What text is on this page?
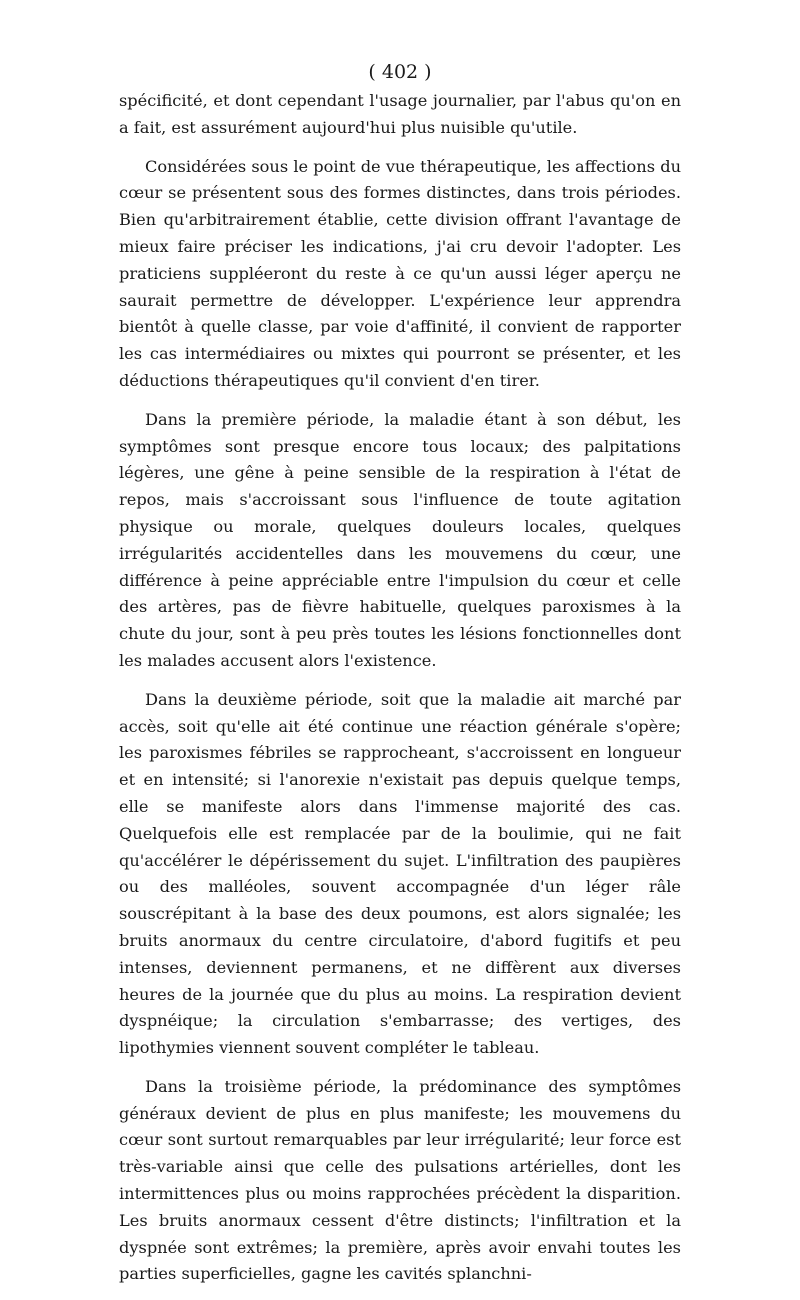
( 402 )

spécificité, et dont cependant l'usage journalier, par l'abus qu'on en a fait, est assurément aujourd'hui plus nuisible qu'utile.

Considérées sous le point de vue thérapeutique, les affections du cœur se présentent sous des formes distinctes, dans trois périodes. Bien qu'arbitrairement établie, cette division offrant l'avantage de mieux faire préciser les indications, j'ai cru devoir l'adopter. Les praticiens suppléeront du reste à ce qu'un aussi léger aperçu ne saurait permettre de développer. L'expérience leur apprendra bientôt à quelle classe, par voie d'affinité, il convient de rapporter les cas intermédiaires ou mixtes qui pourront se présenter, et les déductions thérapeutiques qu'il convient d'en tirer.

Dans la première période, la maladie étant à son début, les symptômes sont presque encore tous locaux; des palpitations légères, une gêne à peine sensible de la respiration à l'état de repos, mais s'accroissant sous l'influence de toute agitation physique ou morale, quelques douleurs locales, quelques irrégularités accidentelles dans les mouvemens du cœur, une différence à peine appréciable entre l'impulsion du cœur et celle des artères, pas de fièvre habituelle, quelques paroxismes à la chute du jour, sont à peu près toutes les lésions fonctionnelles dont les malades accusent alors l'existence.

Dans la deuxième période, soit que la maladie ait marché par accès, soit qu'elle ait été continue une réaction générale s'opère; les paroxismes fébriles se rapprocheant, s'accroissent en longueur et en intensité; si l'anorexie n'existait pas depuis quelque temps, elle se manifeste alors dans l'immense majorité des cas. Quelquefois elle est remplacée par de la boulimie, qui ne fait qu'accélérer le dépérissement du sujet. L'infiltration des paupières ou des malléoles, souvent accompagnée d'un léger râle souscrépitant à la base des deux poumons, est alors signalée; les bruits anormaux du centre circulatoire, d'abord fugitifs et peu intenses, deviennent permanens, et ne diffèrent aux diverses heures de la journée que du plus au moins. La respiration devient dyspnéique; la circulation s'embarrasse; des vertiges, des lipothymies viennent souvent compléter le tableau.

Dans la troisième période, la prédominance des symptômes généraux devient de plus en plus manifeste; les mouvemens du cœur sont surtout remarquables par leur irrégularité; leur force est très-variable ainsi que celle des pulsations artérielles, dont les intermittences plus ou moins rapprochées précèdent la disparition. Les bruits anormaux cessent d'être distincts; l'infiltration et la dyspnée sont extrêmes; la première, après avoir envahi toutes les parties superficielles, gagne les cavités splanchni-
